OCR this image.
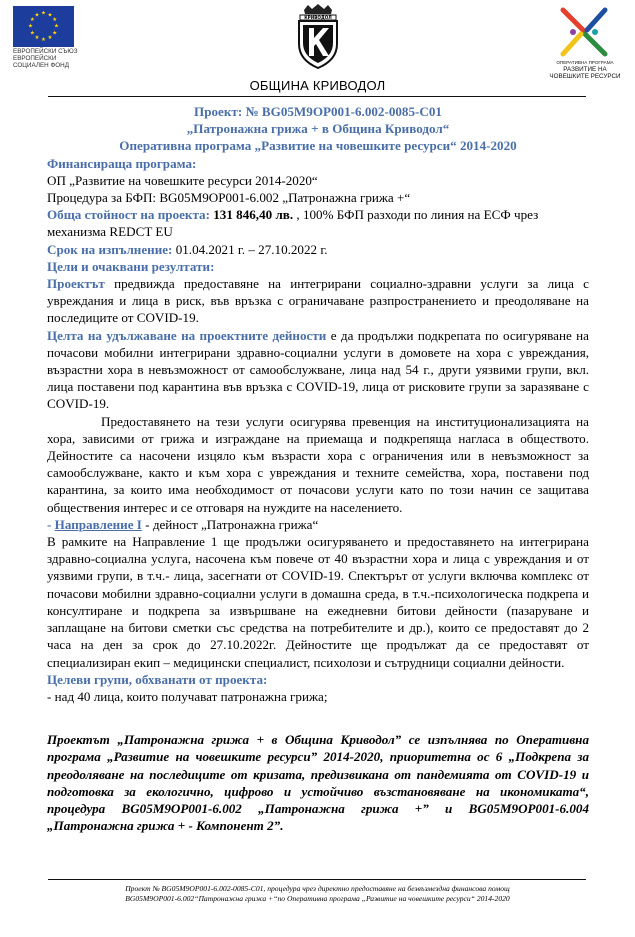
★ ★
★
★
★
★
★
★
★
★
★
★
ЕВРОПЕЙСКИ СЪЮЗ
ЕВРОПЕЙСКИ
СОЦИАЛЕН ФОНД
КРИВОДОЛ
ОПЕРАТИВНА ПРОГРАМА
РАЗВИТИЕ НА
ЧОВЕШКИТЕ РЕСУРСИ
ОБЩИНА КРИВОДОЛ

Проект: № BG05M9OP001-6.002-0085-C01

„Патронажна грижа + в Община Криводол“

Оперативна програма „Развитие на човешките ресурси“ 2014-2020

Финансираща програма:

ОП „Развитие на човешките ресурси 2014-2020“

Процедура за БФП: BG05M9OP001-6.002 „Патронажна грижа +“

Обща стойност на проекта: 131 846,40 лв. , 100% БФП разходи по линия на ЕСФ чрез механизма REDCT EU

Срок на изпълнение: 01.04.2021 г. – 27.10.2022 г.

Цели и очаквани резултати:

Проектът предвижда предоставяне на интегрирани социално-здравни услуги за лица с увреждания и лица в риск, във връзка с ограничаване разпространението и преодоляване на последиците от COVID-19.

Целта на удължаване на проектните дейности е да продължи подкрепата по осигуряване на почасови мобилни интегрирани здравно-социални услуги в домовете на хора с увреждания, възрастни хора в невъзможност от самообслужване, лица над 54 г., други уязвими групи, вкл. лица поставени под карантина във връзка с COVID-19, лица от рисковите групи за заразяване с COVID-19.

Предоставянето на тези услуги осигурява превенция на институционализацията на хора, зависими от грижа и изграждане на приемаща и подкрепяща нагласа в обществото. Дейностите са насочени изцяло към възрасти хора с ограничения или в невъзможност за самообслужване, както и към хора с увреждания и техните семейства, хора, поставени под карантина, за които има необходимост от почасови услуги като по този начин се защитава обществения интерес и се отговаря на нуждите на населението.

- Направление I - дейност „Патронажна грижа“

В рамките на Направление 1 ще продължи осигуряването и предоставянето на интегрирана здравно-социална услуга, насочена към повече от 40 възрастни хора и лица с увреждания и от уязвими групи, в т.ч.- лица, засегнати от COVID-19. Спектърът от услуги включва комплекс от почасови мобилни здравно-социални услуги в домашна среда, в т.ч.-психологическа подкрепа и консултиране и подкрепа за извършване на ежедневни битови дейности (пазаруване и заплащане на битови сметки със средства на потребителите и др.), които се предоставят до 2 часа на ден за срок до 27.10.2022г. Дейностите ще продължат да се предоставят от специализиран екип – медицински специалист, психолози и сътрудници социални дейности.

Целеви групи, обхванати от проекта:

- над 40 лица, които получават патронажна грижа;

Проектът „Патронажна грижа + в Община Криводол” се изпълнява по Оперативна програма „Развитие на човешките ресурси” 2014-2020, приоритетна ос 6 „Подкрепа за преодоляване на последиците от кризата, предизвикана от пандемията от COVID-19 и подготовка за екологично, цифрово и устойчиво възстановяване на икономиката“, процедура BG05M9OP001-6.002 „Патронажна грижа +” и BG05M9OP001-6.004 „Патронажна грижа + - Компонент 2”.

Проект № BG05M9OP001-6.002-0085-C01, процедура чрез директно предоставяне на безвъзмездна финансова помощ
BG05M9OP001-6.002“Патронажна грижа +“по Оперативна програма „Развитие на човешките ресурси“ 2014-2020
